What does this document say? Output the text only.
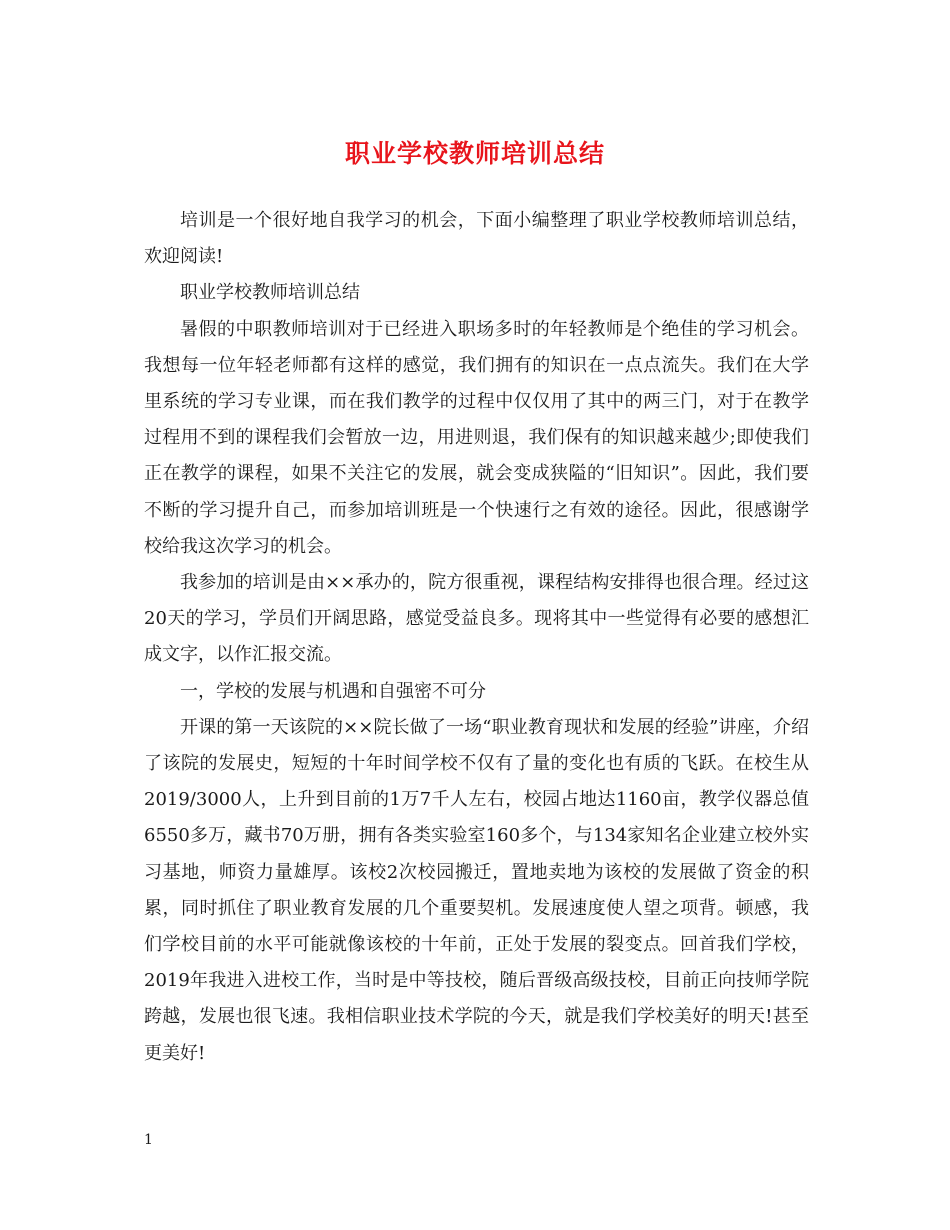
职业学校教师培训总结

培训是一个很好地自我学习的机会，下面小编整理了职业学校教师培训总结，欢迎阅读!

职业学校教师培训总结

暑假的中职教师培训对于已经进入职场多时的年轻教师是个绝佳的学习机会。我想每一位年轻老师都有这样的感觉，我们拥有的知识在一点点流失。我们在大学里系统的学习专业课，而在我们教学的过程中仅仅用了其中的两三门，对于在教学过程用不到的课程我们会暂放一边，用进则退，我们保有的知识越来越少;即使我们正在教学的课程，如果不关注它的发展，就会变成狭隘的“旧知识”。因此，我们要不断的学习提升自己，而参加培训班是一个快速行之有效的途径。因此，很感谢学校给我这次学习的机会。

我参加的培训是由××承办的，院方很重视，课程结构安排得也很合理。经过这20天的学习，学员们开阔思路，感觉受益良多。现将其中一些觉得有必要的感想汇成文字，以作汇报交流。

一，学校的发展与机遇和自强密不可分

开课的第一天该院的××院长做了一场“职业教育现状和发展的经验”讲座，介绍了该院的发展史，短短的十年时间学校不仅有了量的变化也有质的飞跃。在校生从2019/3000人，上升到目前的1万7千人左右，校园占地达1160亩，教学仪器总值6550多万，藏书70万册，拥有各类实验室160多个，与134家知名企业建立校外实习基地，师资力量雄厚。该校2次校园搬迁，置地卖地为该校的发展做了资金的积累，同时抓住了职业教育发展的几个重要契机。发展速度使人望之项背。顿感，我们学校目前的水平可能就像该校的十年前，正处于发展的裂变点。回首我们学校，2019年我进入进校工作，当时是中等技校，随后晋级高级技校，目前正向技师学院跨越，发展也很飞速。我相信职业技术学院的今天，就是我们学校美好的明天!甚至更美好!

1
